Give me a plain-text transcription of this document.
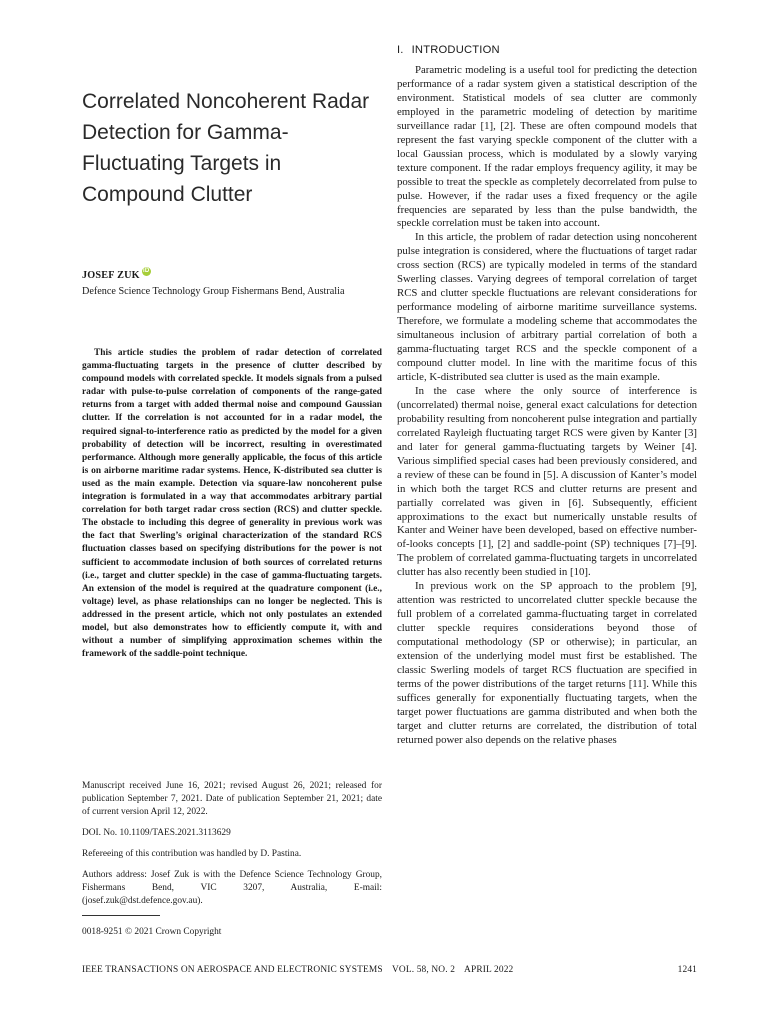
Correlated Noncoherent Radar
Detection for Gamma-
Fluctuating Targets in
Compound Clutter
JOSEF ZUK iD
Defence Science Technology Group Fishermans Bend, Australia

This article studies the problem of radar detection of correlated gamma-fluctuating targets in the presence of clutter described by compound models with correlated speckle. It models signals from a pulsed radar with pulse-to-pulse correlation of components of the range-gated returns from a target with added thermal noise and compound Gaussian clutter. If the correlation is not accounted for in a radar model, the required signal-to-interference ratio as predicted by the model for a given probability of detection will be incorrect, resulting in overestimated performance. Although more generally applicable, the focus of this article is on airborne maritime radar systems. Hence, K-distributed sea clutter is used as the main example. Detection via square-law noncoherent pulse integration is formulated in a way that accommodates arbitrary partial correlation for both target radar cross section (RCS) and clutter speckle. The obstacle to including this degree of generality in previous work was the fact that Swerling’s original characterization of the standard RCS fluctuation classes based on specifying distributions for the power is not sufficient to accommodate inclusion of both sources of correlated returns (i.e., target and clutter speckle) in the case of gamma-fluctuating targets. An extension of the model is required at the quadrature component (i.e., voltage) level, as phase relationships can no longer be neglected. This is addressed in the present article, which not only postulates an extended model, but also demonstrates how to efficiently compute it, with and without a number of simplifying approximation schemes within the framework of the saddle-point technique.

Manuscript received June 16, 2021; revised August 26, 2021; released for publication September 7, 2021. Date of publication September 21, 2021; date of current version April 12, 2022.

DOI. No. 10.1109/TAES.2021.3113629

Refereeing of this contribution was handled by D. Pastina.

Authors address: Josef Zuk is with the Defence Science Technology Group, Fishermans Bend, VIC 3207, Australia, E-mail: (josef.zuk@dst.defence.gov.au).

0018-9251 © 2021 Crown Copyright
I. INTRODUCTION

Parametric modeling is a useful tool for predicting the detection performance of a radar system given a statistical description of the environment. Statistical models of sea clutter are commonly employed in the parametric modeling of detection by maritime surveillance radar [1], [2]. These are often compound models that represent the fast varying speckle component of the clutter with a local Gaussian process, which is modulated by a slowly varying texture component. If the radar employs frequency agility, it may be possible to treat the speckle as completely decorrelated from pulse to pulse. However, if the radar uses a fixed frequency or the agile frequencies are separated by less than the pulse bandwidth, the speckle correlation must be taken into account.

In this article, the problem of radar detection using noncoherent pulse integration is considered, where the fluctuations of target radar cross section (RCS) are typically modeled in terms of the standard Swerling classes. Varying degrees of temporal correlation of target RCS and clutter speckle fluctuations are relevant considerations for performance modeling of airborne maritime surveillance systems. Therefore, we formulate a modeling scheme that accommodates the simultaneous inclusion of arbitrary partial correlation of both a gamma-fluctuating target RCS and the speckle component of a compound clutter model. In line with the maritime focus of this article, K-distributed sea clutter is used as the main example.

In the case where the only source of interference is (uncorrelated) thermal noise, general exact calculations for detection probability resulting from noncoherent pulse integration and partially correlated Rayleigh fluctuating target RCS were given by Kanter [3] and later for general gamma-fluctuating targets by Weiner [4]. Various simplified special cases had been previously considered, and a review of these can be found in [5]. A discussion of Kanter’s model in which both the target RCS and clutter returns are present and partially correlated was given in [6]. Subsequently, efficient approximations to the exact but numerically unstable results of Kanter and Weiner have been developed, based on effective number-of-looks concepts [1], [2] and saddle-point (SP) techniques [7]–[9]. The problem of correlated gamma-fluctuating targets in uncorrelated clutter has also recently been studied in [10].

In previous work on the SP approach to the problem [9], attention was restricted to uncorrelated clutter speckle because the full problem of a correlated gamma-fluctuating target in correlated clutter speckle requires considerations beyond those of computational methodology (SP or otherwise); in particular, an extension of the underlying model must first be established. The classic Swerling models of target RCS fluctuation are specified in terms of the power distributions of the target returns [11]. While this suffices generally for exponentially fluctuating targets, when the target power fluctuations are gamma distributed and when both the target and clutter returns are correlated, the distribution of total returned power also depends on the relative phases

IEEE TRANSACTIONS ON AEROSPACE AND ELECTRONIC SYSTEMS VOL. 58, NO. 2 APRIL 2022	1241
